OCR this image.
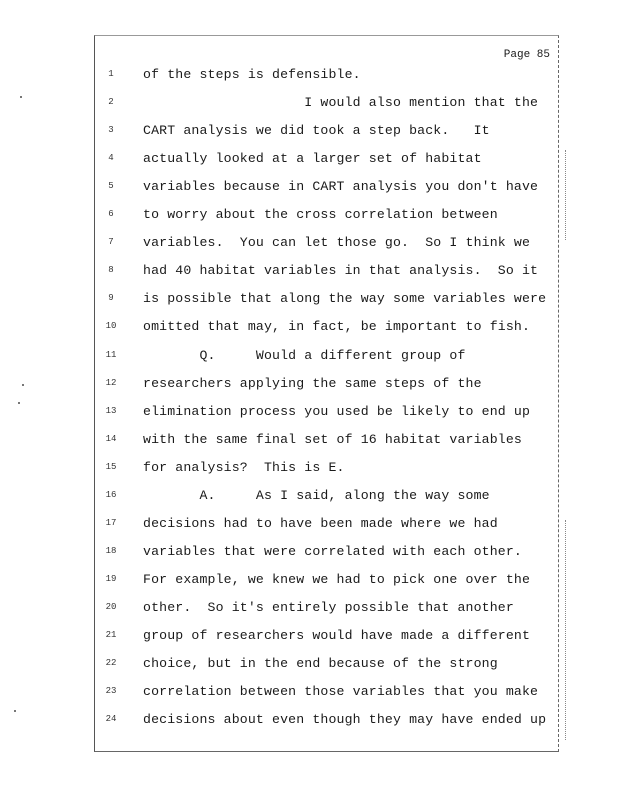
Page 85
1	of the steps is defensible.
2	I would also mention that the
3	CART analysis we did took a step back.   It
4	actually looked at a larger set of habitat
5	variables because in CART analysis you don't have
6	to worry about the cross correlation between
7	variables.  You can let those go.  So I think we
8	had 40 habitat variables in that analysis.  So it
9	is possible that along the way some variables were
10	omitted that may, in fact, be important to fish.
11	Q.     Would a different group of
12	researchers applying the same steps of the
13	elimination process you used be likely to end up
14	with the same final set of 16 habitat variables
15	for analysis?  This is E.
16	A.     As I said, along the way some
17	decisions had to have been made where we had
18	variables that were correlated with each other.
19	For example, we knew we had to pick one over the
20	other.  So it's entirely possible that another
21	group of researchers would have made a different
22	choice, but in the end because of the strong
23	correlation between those variables that you make
24	decisions about even though they may have ended up
